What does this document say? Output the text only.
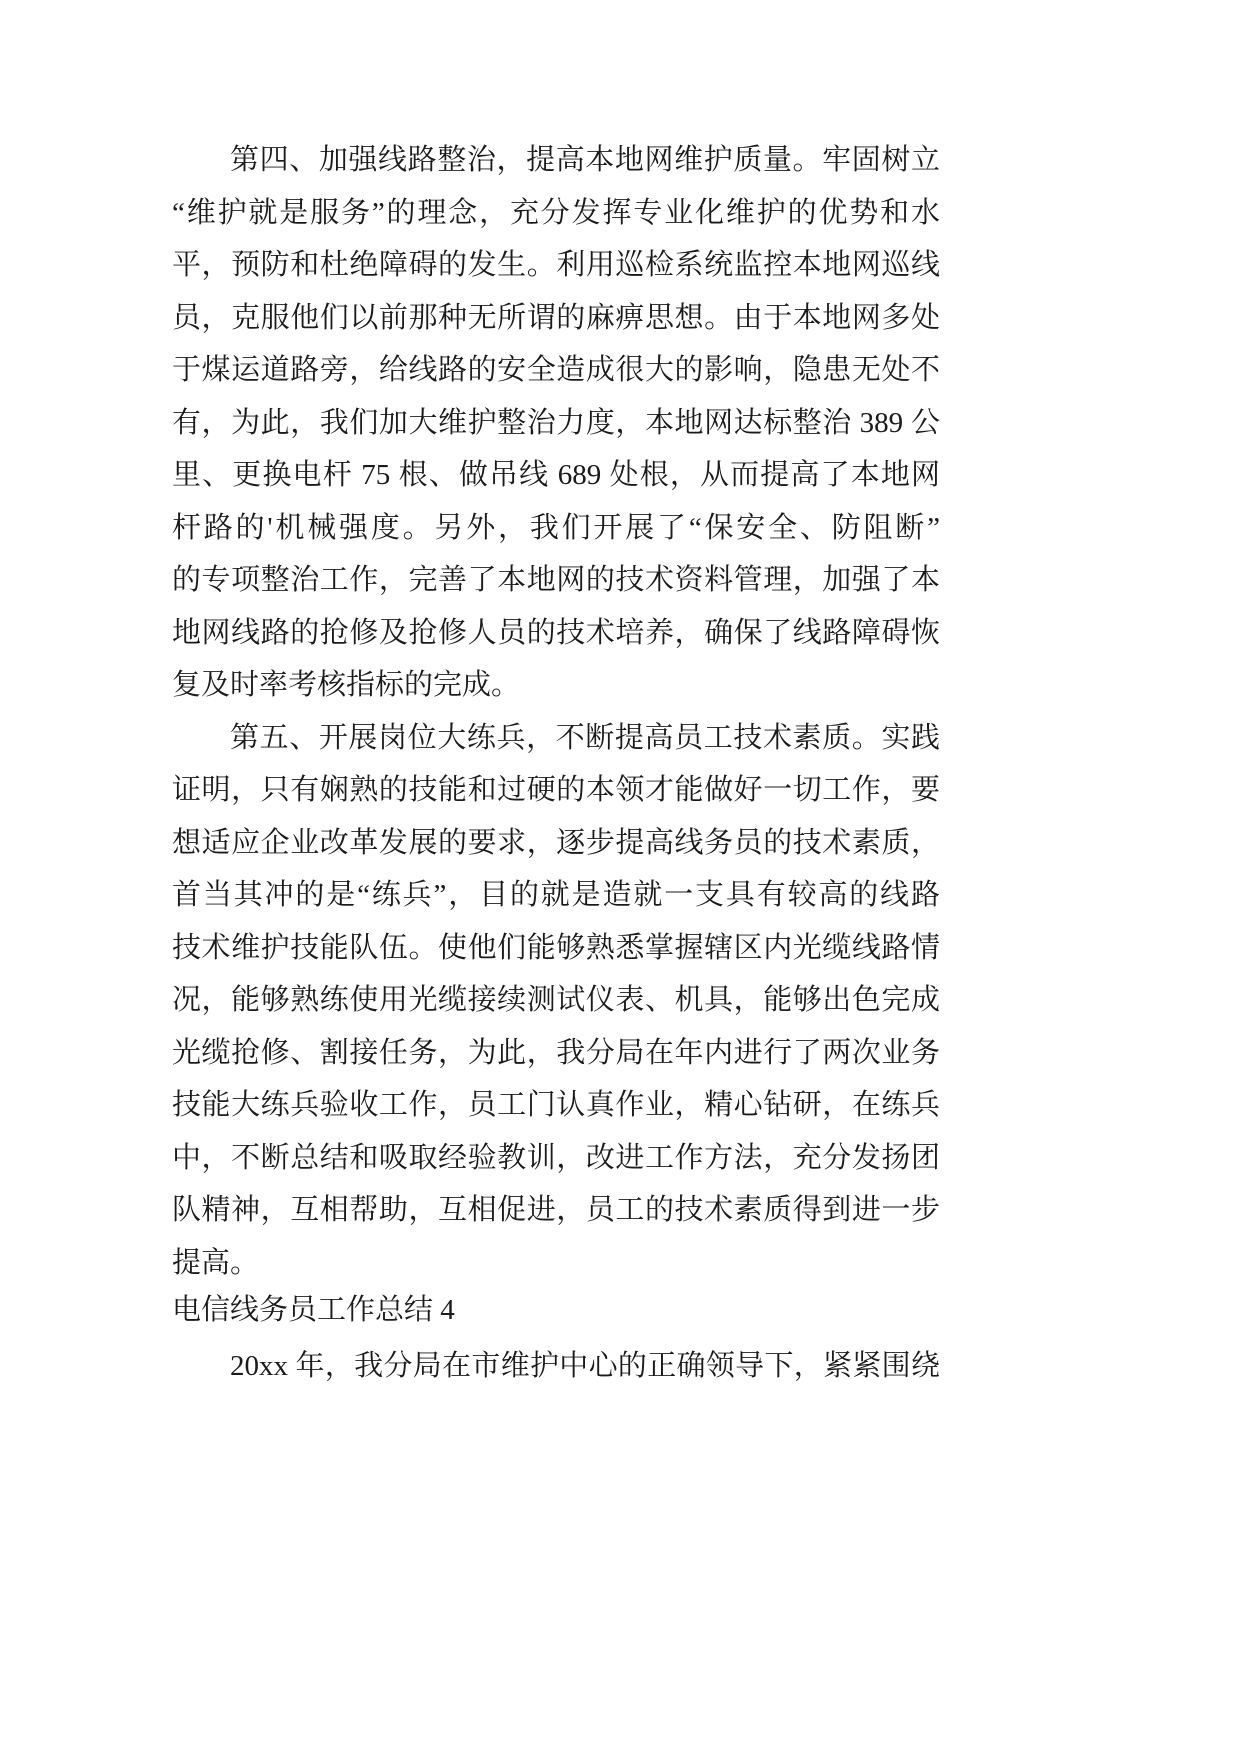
第四、加强线路整治，提高本地网维护质量。牢固树立
“维护就是服务”的理念，充分发挥专业化维护的优势和水
平，预防和杜绝障碍的发生。利用巡检系统监控本地网巡线
员，克服他们以前那种无所谓的麻痹思想。由于本地网多处
于煤运道路旁，给线路的安全造成很大的影响，隐患无处不
有，为此，我们加大维护整治力度，本地网达标整治 389 公
里、更换电杆 75 根、做吊线 689 处根，从而提高了本地网
杆路的'机械强度。另外，我们开展了“保安全、防阻断”
的专项整治工作，完善了本地网的技术资料管理，加强了本
地网线路的抢修及抢修人员的技术培养，确保了线路障碍恢
复及时率考核指标的完成。
第五、开展岗位大练兵，不断提高员工技术素质。实践
证明，只有娴熟的技能和过硬的本领才能做好一切工作，要
想适应企业改革发展的要求，逐步提高线务员的技术素质，
首当其冲的是“练兵”，目的就是造就一支具有较高的线路
技术维护技能队伍。使他们能够熟悉掌握辖区内光缆线路情
况，能够熟练使用光缆接续测试仪表、机具，能够出色完成
光缆抢修、割接任务，为此，我分局在年内进行了两次业务
技能大练兵验收工作，员工门认真作业，精心钻研，在练兵
中，不断总结和吸取经验教训，改进工作方法，充分发扬团
队精神，互相帮助，互相促进，员工的技术素质得到进一步
提高。
电信线务员工作总结 4
20xx 年，我分局在市维护中心的正确领导下，紧紧围绕
